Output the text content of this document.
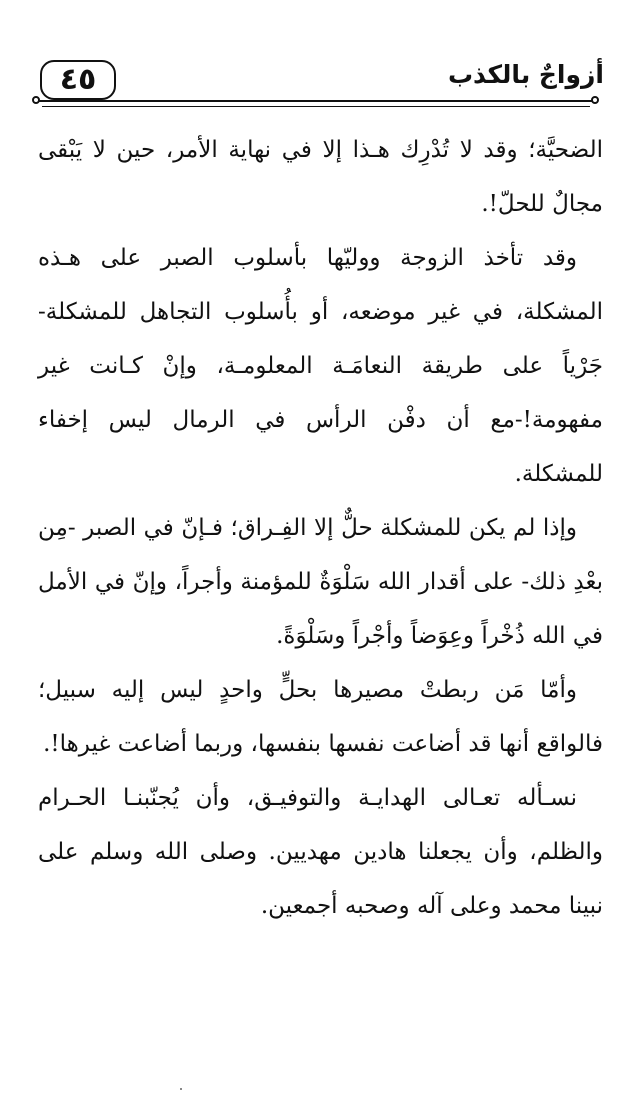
٤٥	أزواجٌ بالكذب

الضحيَّة؛ وقد لا تُدْرِك هـذا إلا في نهاية الأمر، حين لا يَبْقى مجالٌ للحلّ!.

وقد تأخذ الزوجة ووليّها بأسلوب الصبر على هـذه المشكلة، في غير موضعه، أو بأُسلوب التجاهل للمشكلة- جَرْياً على طريقة النعامَـة المعلومـة، وإنْ كـانت غير مفهومة!-مع أن دفْن الرأس في الرمال ليس إخفاء للمشكلة.

وإذا لم يكن للمشكلة حلٌّ إلا الفِـراق؛ فـإنّ في الصبر -مِن بعْدِ ذلك- على أقدار الله سَلْوَةٌ للمؤمنة وأجراً، وإنّ في الأمل في الله ذُخْراً وعِوَضاً وأجْراً وسَلْوَةً.

وأمّا مَن ربطتْ مصيرها بحلٍّ واحدٍ ليس إليه سبيل؛ فالواقع أنها قد أضاعت نفسها بنفسها، وربما أضاعت غيرها!.

نسـأله تعـالى الهدايـة والتوفيـق، وأن يُجنّبنـا الحـرام والظلم، وأن يجعلنا هادين مهديين. وصلى الله وسلم على نبينا محمد وعلى آله وصحبه أجمعين.
